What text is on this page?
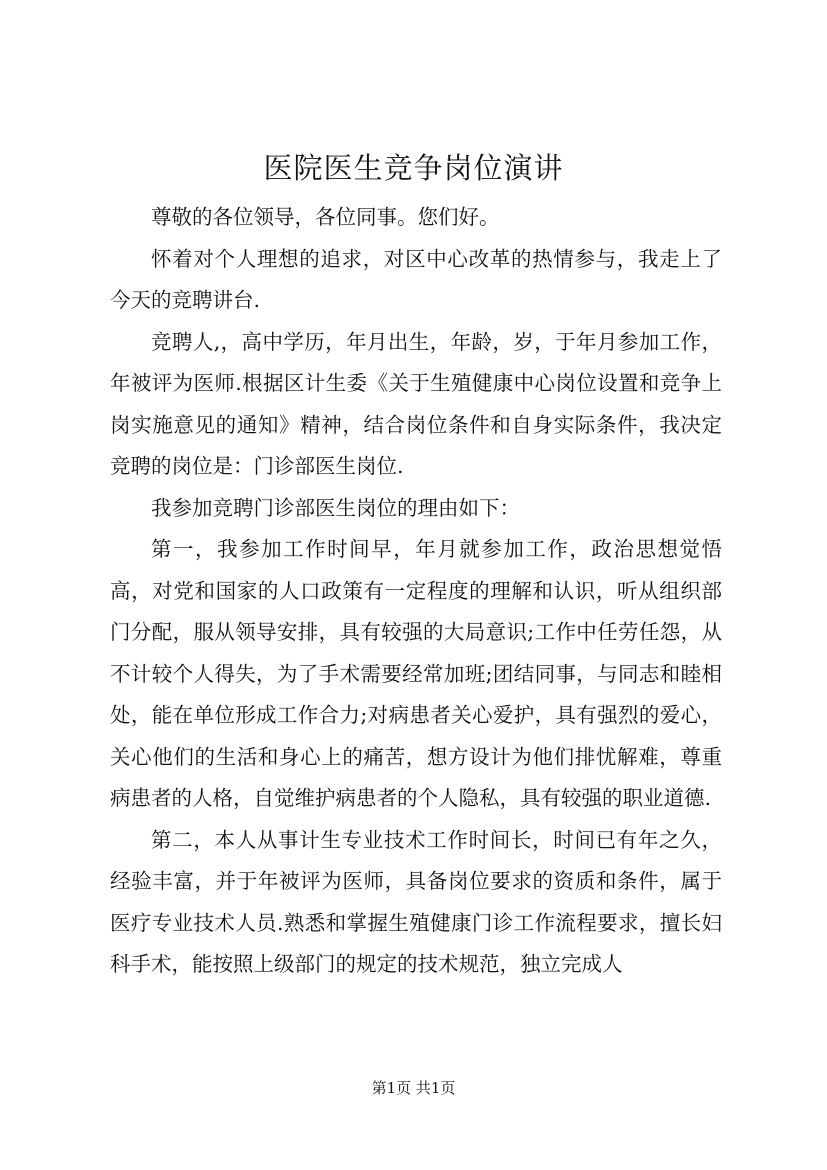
医院医生竞争岗位演讲

尊敬的各位领导，各位同事。您们好。

怀着对个人理想的追求，对区中心改革的热情参与，我走上了今天的竞聘讲台.

竞聘人,，高中学历，年月出生，年龄，岁，于年月参加工作，年被评为医师.根据区计生委《关于生殖健康中心岗位设置和竞争上岗实施意见的通知》精神，结合岗位条件和自身实际条件，我决定竞聘的岗位是：门诊部医生岗位.

我参加竞聘门诊部医生岗位的理由如下：

第一，我参加工作时间早，年月就参加工作，政治思想觉悟高，对党和国家的人口政策有一定程度的理解和认识，听从组织部门分配，服从领导安排，具有较强的大局意识;工作中任劳任怨，从不计较个人得失，为了手术需要经常加班;团结同事，与同志和睦相处，能在单位形成工作合力;对病患者关心爱护，具有强烈的爱心，关心他们的生活和身心上的痛苦，想方设计为他们排忧解难，尊重病患者的人格，自觉维护病患者的个人隐私，具有较强的职业道德.

第二，本人从事计生专业技术工作时间长，时间已有年之久，经验丰富，并于年被评为医师，具备岗位要求的资质和条件，属于医疗专业技术人员.熟悉和掌握生殖健康门诊工作流程要求，擅长妇科手术，能按照上级部门的规定的技术规范，独立完成人

第1页 共1页
